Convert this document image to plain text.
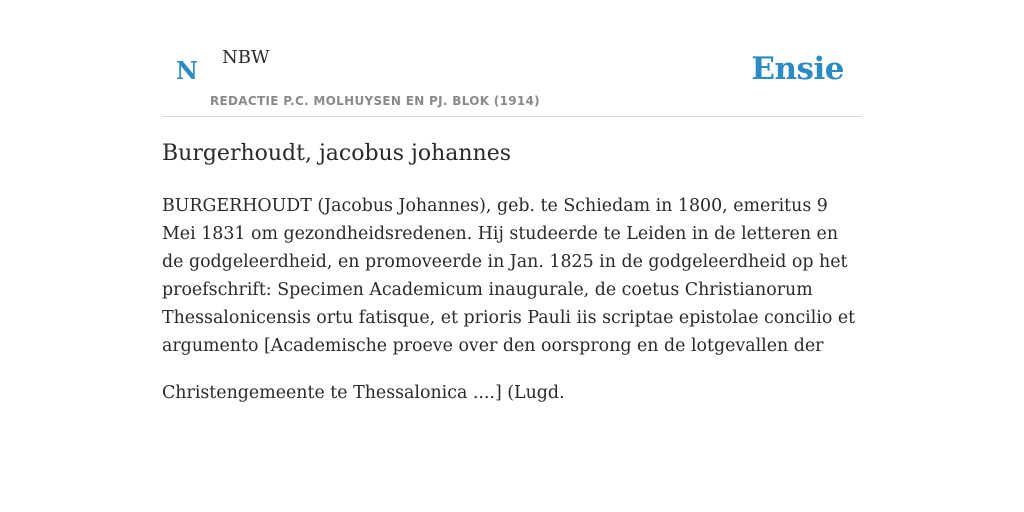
N NBW
REDACTIE P.C. MOLHUYSEN EN PJ. BLOK (1914)
Ensie
Burgerhoudt, jacobus johannes

BURGERHOUDT (Jacobus Johannes), geb. te Schiedam in 1800, emeritus 9 Mei 1831 om gezondheidsredenen. Hij studeerde te Leiden in de letteren en de godgeleerdheid, en promoveerde in Jan. 1825 in de godgeleerdheid op het proefschrift: Specimen Academicum inaugurale, de coetus Christianorum Thessalonicensis ortu fatisque, et prioris Pauli iis scriptae epistolae concilio et argumento [Academische proeve over den oorsprong en de lotgevallen der

Christengemeente te Thessalonica ....] (Lugd.
